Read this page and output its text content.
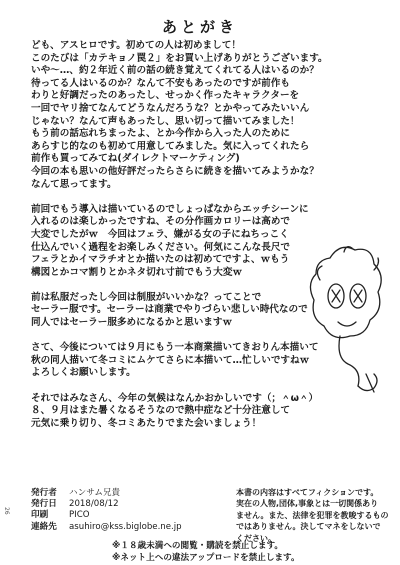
あとがき
ども、アスヒロです。初めての人は初めまして！
このたびは「カテキョノ罠２」をお買い上げありがとうございます。
いや〜…、約２年近く前の話の続き覚えてくれてる人はいるのか？
待ってる人はいるのか？なんて不安もあったのですが前作も
わりと好調だったのあったし、せっかく作ったキャラクターを
一回でヤリ捨てなんてどうなんだろうな？とかやってみたいいん
じゃない？なんて声もあったし、思い切って描いてみました！
もう前の話忘れちまったよ、とか今作から入った人のために
あらすじ的なのも初めて用意してみました。気に入ってくれたら
前作も買ってみてね(ダイレクトマーケティング)
今回の本も思いの他好評だったらさらに続きを描いてみようかな？
なんて思ってます。
前回でもう導入は描いているのでしょっぱなからエッチシーンに
入れるのは楽しかったですね、その分作画カロリーは高めで
大変でしたがｗ　今回はフェラ、嫌がる女の子にねちっこく
仕込んでいく過程をお楽しみください。何気にこんな長尺で
フェラとかイマラチオとか描いたのは初めてですよ、ｗもう
構図とかコマ割りとかネタ切れ寸前でもう大変ｗ
前は私服だったし今回は制服がいいかな？ってことで
セーラー服です。セーラーは商業でやりづらい悲しい時代なので
同人ではセーラー服多めになるかと思いますｗ
さて、今後については９月にもう一本商業描いてきおりん本描いて
秋の同人描いて冬コミにムケてさらに本描いて…忙しいですねｗ
よろしくお願いします。
それではみなさん、今年の気候はなんかおかしいです（；＾ω＾）
８、９月はまた暑くなるそうなので熱中症など十分注意して
元気に乗り切り、冬コミあたりでまた会いましょう！
発行者	ハンサム兄貴
発行日	2018/08/12
印刷	PICO
連絡先	asuhiro@kss.biglobe.ne.jp
本書の内容はすべてフィクションです。
実在の人物,団体,事象とは一切関係あり
ません。また、法律を犯罪を教唆するもの
ではありません。決してマネをしないで
ください。
※１８歳未満への閲覧・購読を禁止します。
※ネット上への違法アップロードを禁止します。
26
